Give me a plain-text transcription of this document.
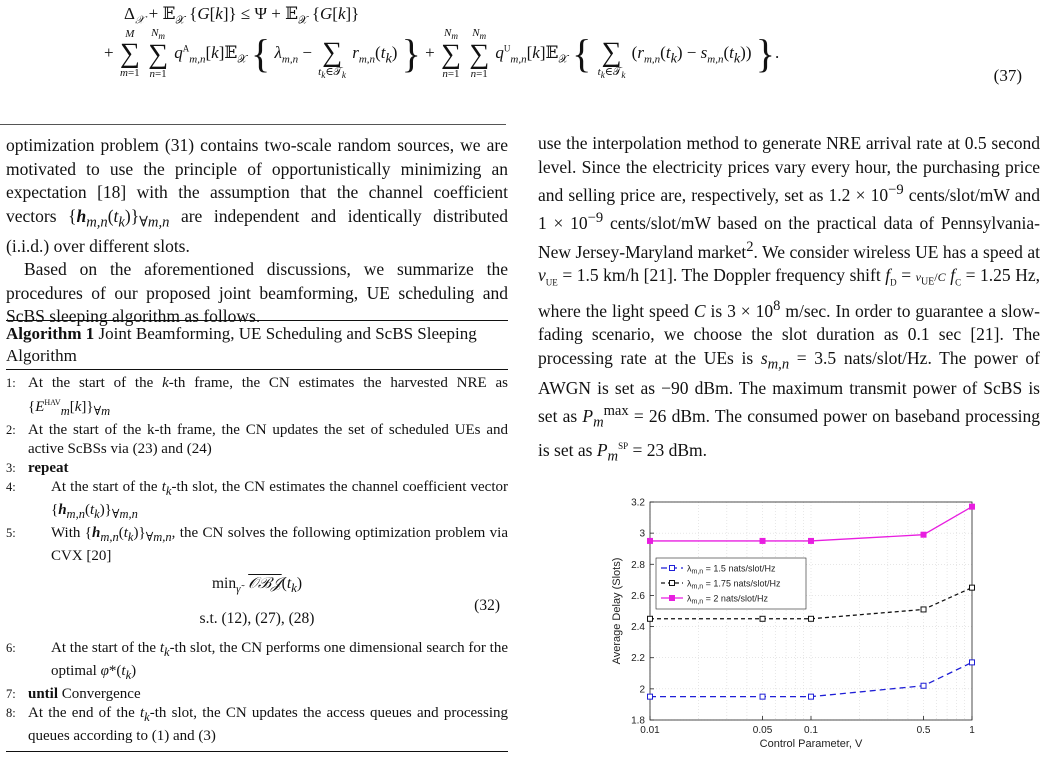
$\Delta_𝒳$ + 𝔼$_𝒳$ {G[k]} ≤ Ψ + 𝔼$_𝒳$ {G[k]}
+
M
∑
m=1

$N_m$
∑
n=1
$q^A_{m,n}[k]𝔼_𝒳$ { $\lambda_{m,n}$ −
∑
$t_k\in 𝒯_k$
$r_{m,n}(t_k)$ } +
$N_m$
∑
n=1

$N_m$
∑
n=1
$q^U_{m,n}[k]𝔼_𝒳$ {
∑
$t_k\in 𝒯_k$
$(r_{m,n}(t_k) - s_{m,n}(t_k))$ }.
(37)

optimization problem (31) contains two-scale random sources, we are motivated to use the principle of opportunistically minimizing an expectation [18] with the assumption that the channel coefficient vectors $\{h_{m,n}(t_k)\}_{\forall m,n}$ are independent and identically distributed (i.i.d.) over different slots.

Based on the aforementioned discussions, we summarize the procedures of our proposed joint beamforming, UE scheduling and ScBS sleeping algorithm as follows.

Algorithm 1 Joint Beamforming, UE Scheduling and ScBS Sleeping Algorithm
1: At the start of the k-th frame, the CN estimates the harvested NRE as $\{E^{HAV}_m[k]\}_{\forall m}$
2: At the start of the k-th frame, the CN updates the set of scheduled UEs and active ScBSs via (23) and (24)
3: repeat
4: At the start of the $t_k-th$ slot, the CN estimates the channel coefficient vector $\{h_{m,n}(t_k)\}_{\forall m,n}$
5: With $\{h_{m,n}(t_k)\}_{\forall m,n}$, the CN solves the following optimization problem via CVX [20]
$\min_{\gammã}$ $𝒪ℬ𝒥(t_k)$
s.t. (12), (27), (28)
(32)
6: At the start of the $t_k-th$ slot, the CN performs one dimensional search for the optimal $\varphi*(t_k)$
7: until Convergence
8: At the end of the $t_k-th$ slot, the CN updates the access queues and processing queues according to (1) and (3)

use the interpolation method to generate NRE arrival rate at 0.5 second level. Since the electricity prices vary every hour, the purchasing price and selling price are, respectively, set as $1.2 \times 10^{-9}$ cents/slot/mW and $1 \times 10^{-9}$ cents/slot/mW based on the practical data of Pennsylvania-New Jersey-Maryland market$^2$. We consider wireless UE has a speed at $v_{UE} = 1.5$ km/h [21]. The Doppler frequency shift $f_D = v_{UE}/C$ $f_C = 1.25$ Hz, where the light speed C is $3 \times 10^8$ m/sec. In order to guarantee a slow-fading scenario, we choose the slot duration as 0.1 sec [21]. The processing rate at the UEs is $s_{m,n} = 3.5$ nats/slot/Hz. The power of AWGN is set as −90 dBm. The maximum transmit power of ScBS is set as $P_m^{max} = 26$ dBm. The consumed power on baseband processing is set as $P_m^{SP} = 23$ dBm.

0.01	0.05	0.1	0.5	1
1.8
2
2.2
2.4
2.6
2.8
3
3.2
Control Parameter, V
Average Delay (Slots)	$\lambda_{m,n} = 1.5$ nats/slot/Hz
$\lambda_{m,n} = 1.75$ nats/slot/Hz
$\lambda_{m,n} = 2$ nats/slot/Hz
